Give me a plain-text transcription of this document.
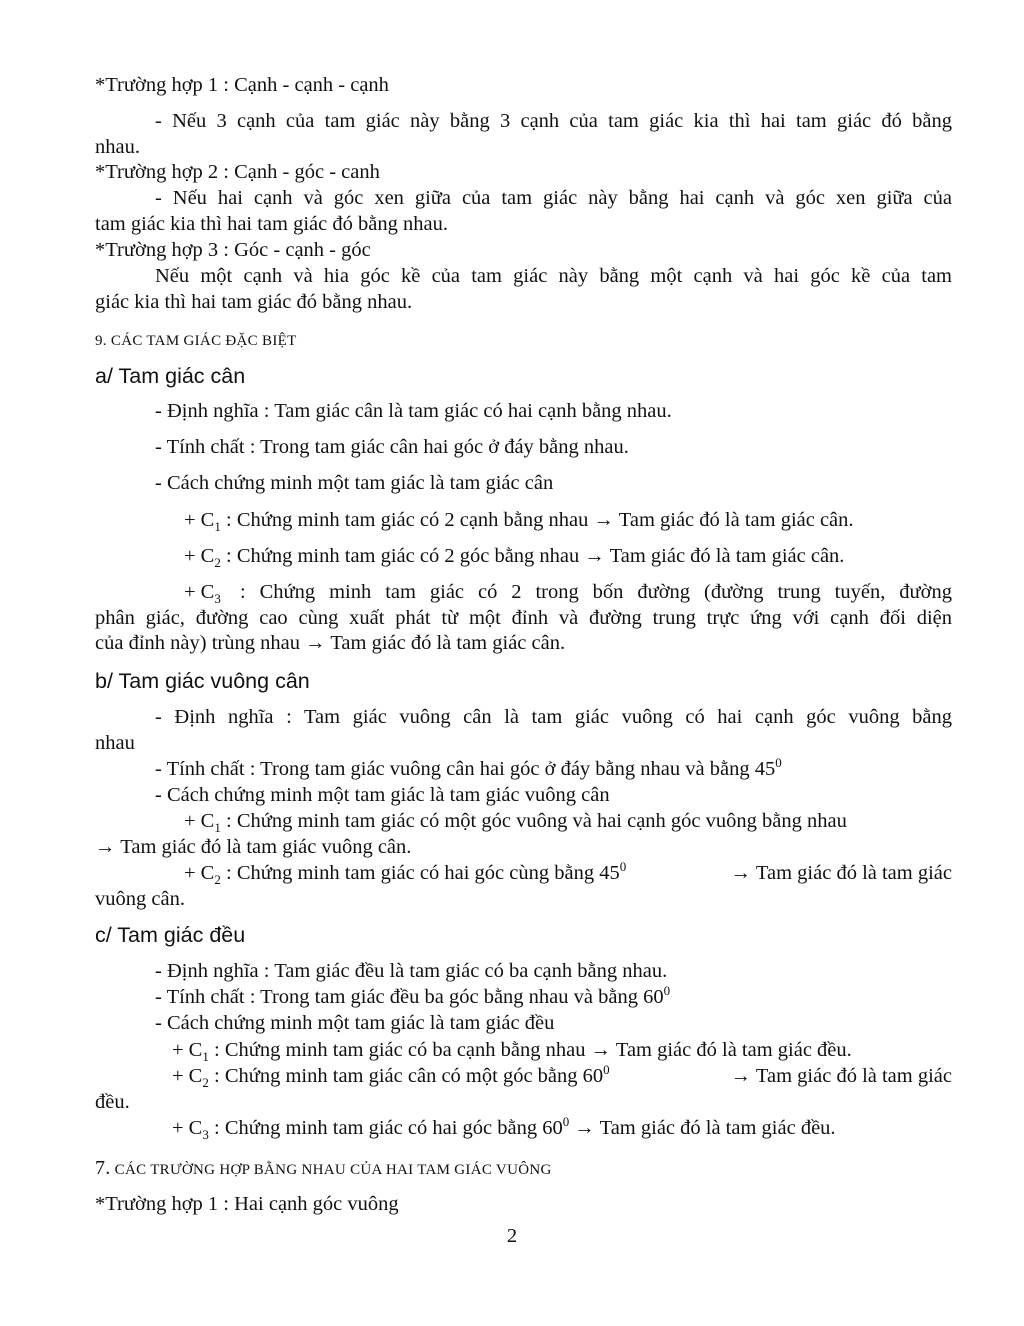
*Trường hợp 1 : Cạnh - cạnh - cạnh
- Nếu 3 cạnh của tam giác này bằng 3 cạnh của tam giác kia thì hai tam giác đó bằng
nhau.
*Trường hợp 2 : Cạnh - góc - canh
- Nếu hai cạnh và góc xen giữa của tam giác này bằng hai cạnh và góc xen giữa của
tam giác kia thì hai tam giác đó bằng nhau.
*Trường hợp 3 : Góc - cạnh - góc
Nếu một cạnh và hia góc kề của tam giác này bằng một cạnh và hai góc kề của tam
giác kia thì hai tam giác đó bằng nhau.
9. CÁC TAM GIÁC ĐẶC BIỆT
a/ Tam giác cân
- Định nghĩa : Tam giác cân là tam giác có hai cạnh bằng nhau.
- Tính chất : Trong tam giác cân hai góc ở đáy bằng nhau.
- Cách chứng minh một tam giác là tam giác cân
+ $C_1$ : Chứng minh tam giác có 2 cạnh bằng nhau → Tam giác đó là tam giác cân.
+ $C_2$ : Chứng minh tam giác có 2 góc bằng nhau → Tam giác đó là tam giác cân.
+ $C_3$ : Chứng minh tam giác có 2 trong bốn đường (đường trung tuyến, đường
phân giác, đường cao cùng xuất phát từ một đỉnh và đường trung trực ứng với cạnh đối diện
của đỉnh này) trùng nhau → Tam giác đó là tam giác cân.
b/ Tam giác vuông cân
- Định nghĩa : Tam giác vuông cân là tam giác vuông có hai cạnh góc vuông bằng
nhau
- Tính chất : Trong tam giác vuông cân hai góc ở đáy bằng nhau và bằng $45^0$
- Cách chứng minh một tam giác là tam giác vuông cân
+ $C_1$ : Chứng minh tam giác có một góc vuông và hai cạnh góc vuông bằng nhau
→ Tam giác đó là tam giác vuông cân.
+ $C_2$ : Chứng minh tam giác có hai góc cùng bằng $45^0$	→ Tam giác đó là tam giác
vuông cân.
c/ Tam giác đều
- Định nghĩa : Tam giác đều là tam giác có ba cạnh bằng nhau.
- Tính chất : Trong tam giác đều ba góc bằng nhau và bằng $60^0$
- Cách chứng minh một tam giác là tam giác đều
+ $C_1$ : Chứng minh tam giác có ba cạnh bằng nhau → Tam giác đó là tam giác đều.
+ $C_2$ : Chứng minh tam giác cân có một góc bằng $60^0$	→ Tam giác đó là tam giác
đều.
+ $C_3$ : Chứng minh tam giác có hai góc bằng $60^0$ → Tam giác đó là tam giác đều.
7. CÁC TRƯỜNG HỢP BẰNG NHAU CỦA HAI TAM GIÁC VUÔNG
*Trường hợp 1 : Hai cạnh góc vuông
2
